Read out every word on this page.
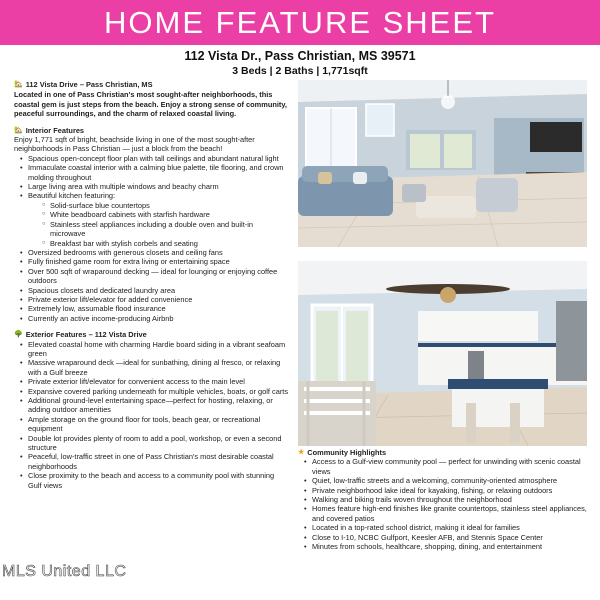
HOME FEATURE SHEET
112 Vista Dr., Pass Christian, MS 39571
3 Beds | 2 Baths | 1,771sqft
🏡 112 Vista Drive – Pass Christian, MS
Located in one of Pass Christian's most sought-after neighborhoods, this coastal gem is just steps from the beach. Enjoy a strong sense of community, peaceful surroundings, and the charm of relaxed coastal living.
🏡 Interior Features
Enjoy 1,771 sqft of bright, beachside living in one of the most sought-after neighborhoods in Pass Christian — just a block from the beach!
• Spacious open-concept floor plan with tall ceilings and abundant natural light
• Immaculate coastal interior with a calming blue palette, tile flooring, and crown molding throughout
• Large living area with multiple windows and beachy charm
• Beautiful kitchen featuring:
○ Solid-surface blue countertops
○ White beadboard cabinets with starfish hardware
○ Stainless steel appliances including a double oven and built-in microwave
○ Breakfast bar with stylish corbels and seating
• Oversized bedrooms with generous closets and ceiling fans
• Fully finished game room for extra living or entertaining space
• Over 500 sqft of wraparound decking — ideal for lounging or enjoying coffee outdoors
• Spacious closets and dedicated laundry area
• Private exterior lift/elevator for added convenience
• Extremely low, assumable flood insurance
• Currently an active income-producing Airbnb
🌳 Exterior Features – 112 Vista Drive
• Elevated coastal home with charming Hardie board siding in a vibrant seafoam green
• Massive wraparound deck —ideal for sunbathing, dining al fresco, or relaxing with a Gulf breeze
• Private exterior lift/elevator for convenient access to the main level
• Expansive covered parking underneath for multiple vehicles, boats, or golf carts
• Additional ground-level entertaining space—perfect for hosting, relaxing, or adding outdoor amenities
• Ample storage on the ground floor for tools, beach gear, or recreational equipment
• Double lot provides plenty of room to add a pool, workshop, or even a second structure
• Peaceful, low-traffic street in one of Pass Christian's most desirable coastal neighborhoods
• Close proximity to the beach and access to a community pool with stunning Gulf views
★ Community Highlights
• Access to a Gulf-view community pool — perfect for unwinding with scenic coastal views
• Quiet, low-traffic streets and a welcoming, community-oriented atmosphere
• Private neighborhood lake ideal for kayaking, fishing, or relaxing outdoors
• Walking and biking trails woven throughout the neighborhood
• Homes feature high-end finishes like granite countertops, stainless steel appliances, and covered patios
• Located in a top-rated school district, making it ideal for families
• Close to I-10, NCBC Gulfport, Keesler AFB, and Stennis Space Center
• Minutes from schools, healthcare, shopping, dining, and entertainment
MLS United LLC
